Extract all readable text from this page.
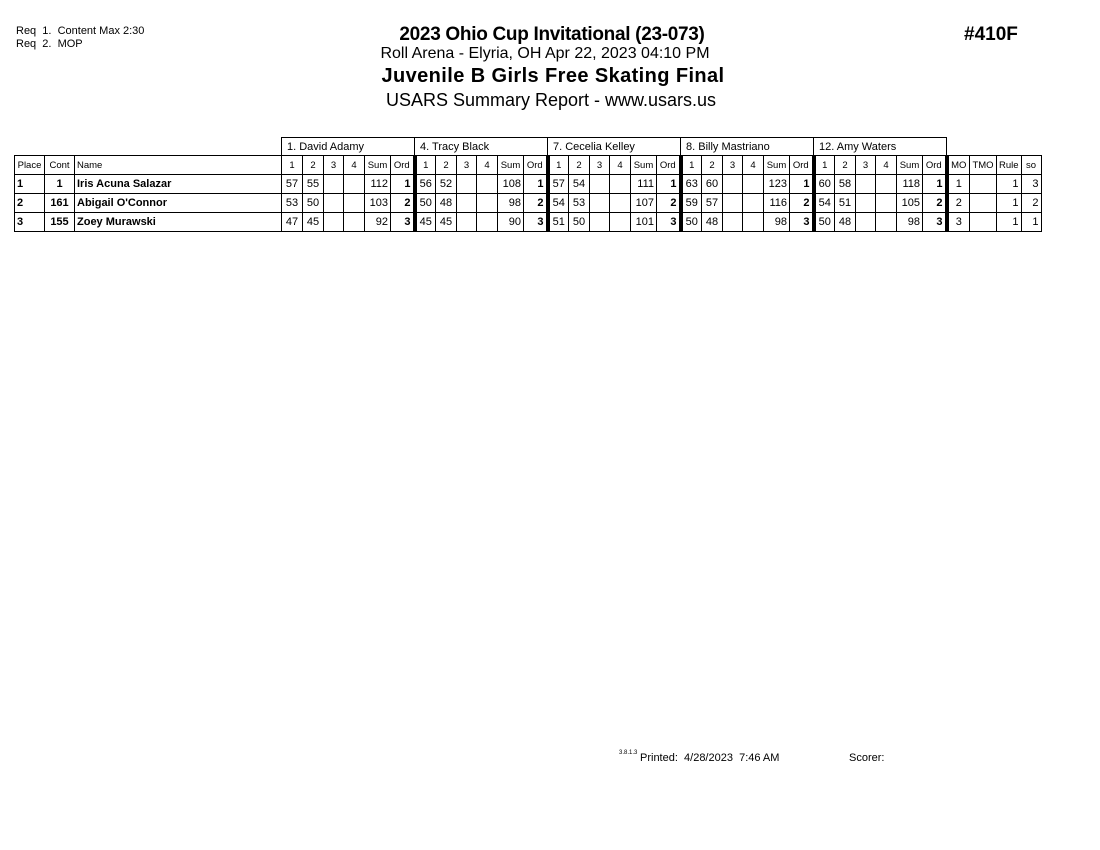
Req  1.  Content Max 2:30
Req  2.  MOP	2023 Ohio Cup Invitational (23-073)
Roll Arena - Elyria, OH Apr 22, 2023 04:10 PM
Juvenile B Girls Free Skating Final
USARS Summary Report - www.usars.us
#410F
			1. David Adamy						4. Tracy Black						7. Cecelia Kelley						8. Billy Mastriano						12. Amy Waters									
Place	Cont	Name	1	2	3	4	Sum	Ord	1	2	3	4	Sum	Ord	1	2	3	4	Sum	Ord	1	2	3	4	Sum	Ord	1	2	3	4	Sum	Ord	MO	TMO	Rule	so
1	1	Iris Acuna Salazar	57	55			112	1	56	52			108	1	57	54			111	1	63	60			123	1	60	58			118	1	1		1	3
2	161	Abigail O'Connor	53	50			103	2	50	48			98	2	54	53			107	2	59	57			116	2	54	51			105	2	2		1	2
3	155	Zoey Murawski	47	45			92	3	45	45			90	3	51	50			101	3	50	48			98	3	50	48			98	3	3		1	1
3.8.1.3 Printed:  4/28/2023  7:46 AM	Scorer:
